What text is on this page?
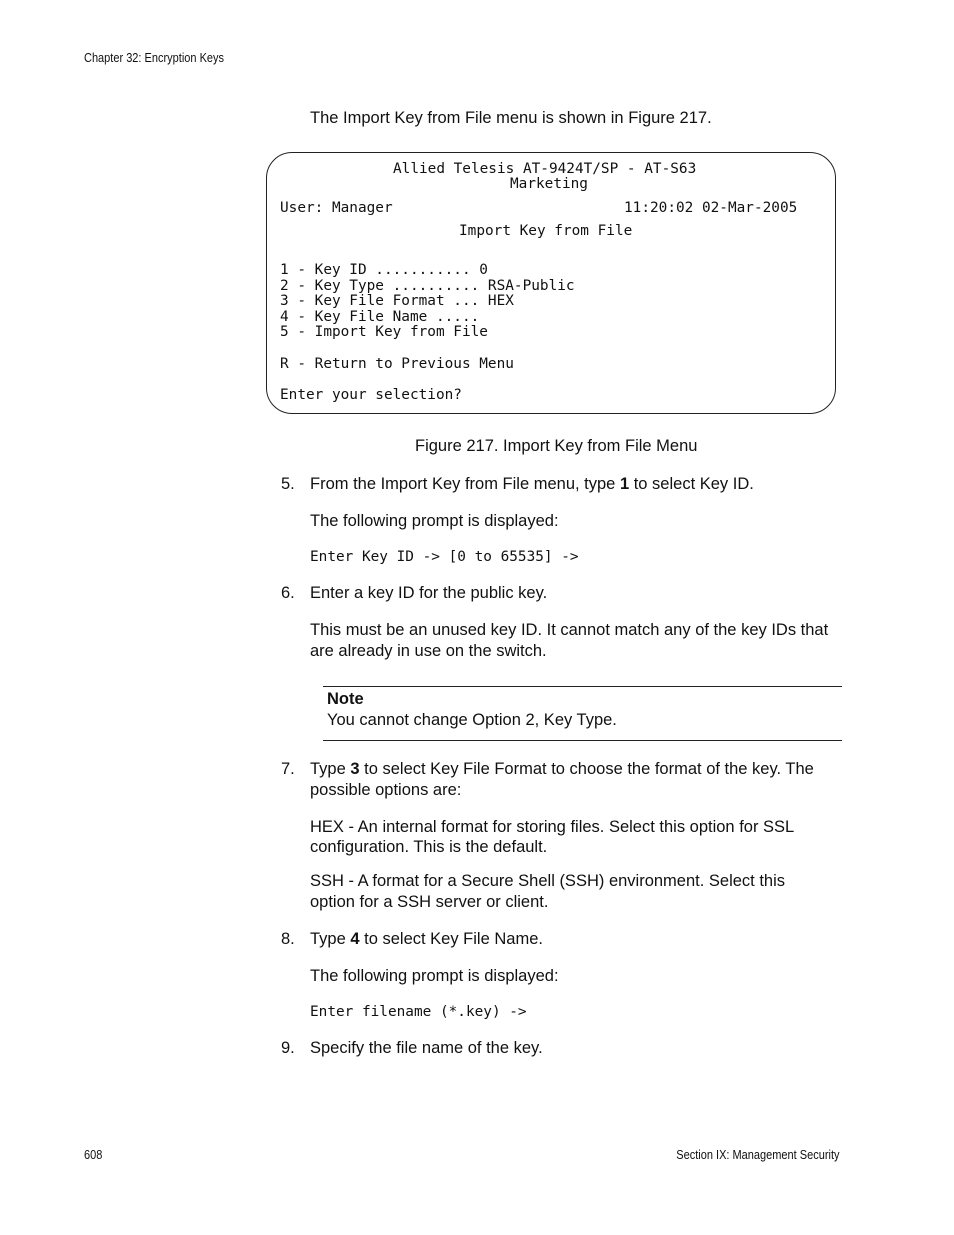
Chapter 32: Encryption Keys
The Import Key from File menu is shown in Figure 217.
Allied Telesis AT-9424T/SP - AT-S63
Marketing
User: Manager	11:20:02 02-Mar-2005
Import Key from File
1 - Key ID ........... 0
2 - Key Type .......... RSA-Public
3 - Key File Format ... HEX
4 - Key File Name .....
5 - Import Key from File
R - Return to Previous Menu
Enter your selection?
Figure 217. Import Key from File Menu
5. From the Import Key from File menu, type 1 to select Key ID.
The following prompt is displayed:
Enter Key ID -> [0 to 65535] ->
6. Enter a key ID for the public key.
This must be an unused key ID. It cannot match any of the key IDs that
are already in use on the switch.
Note
You cannot change Option 2, Key Type.
7. Type 3 to select Key File Format to choose the format of the key. The
possible options are:
HEX - An internal format for storing files. Select this option for SSL
configuration. This is the default.
SSH - A format for a Secure Shell (SSH) environment. Select this
option for a SSH server or client.
8. Type 4 to select Key File Name.
The following prompt is displayed:
Enter filename (*.key) ->
9. Specify the file name of the key.
608	Section IX: Management Security
